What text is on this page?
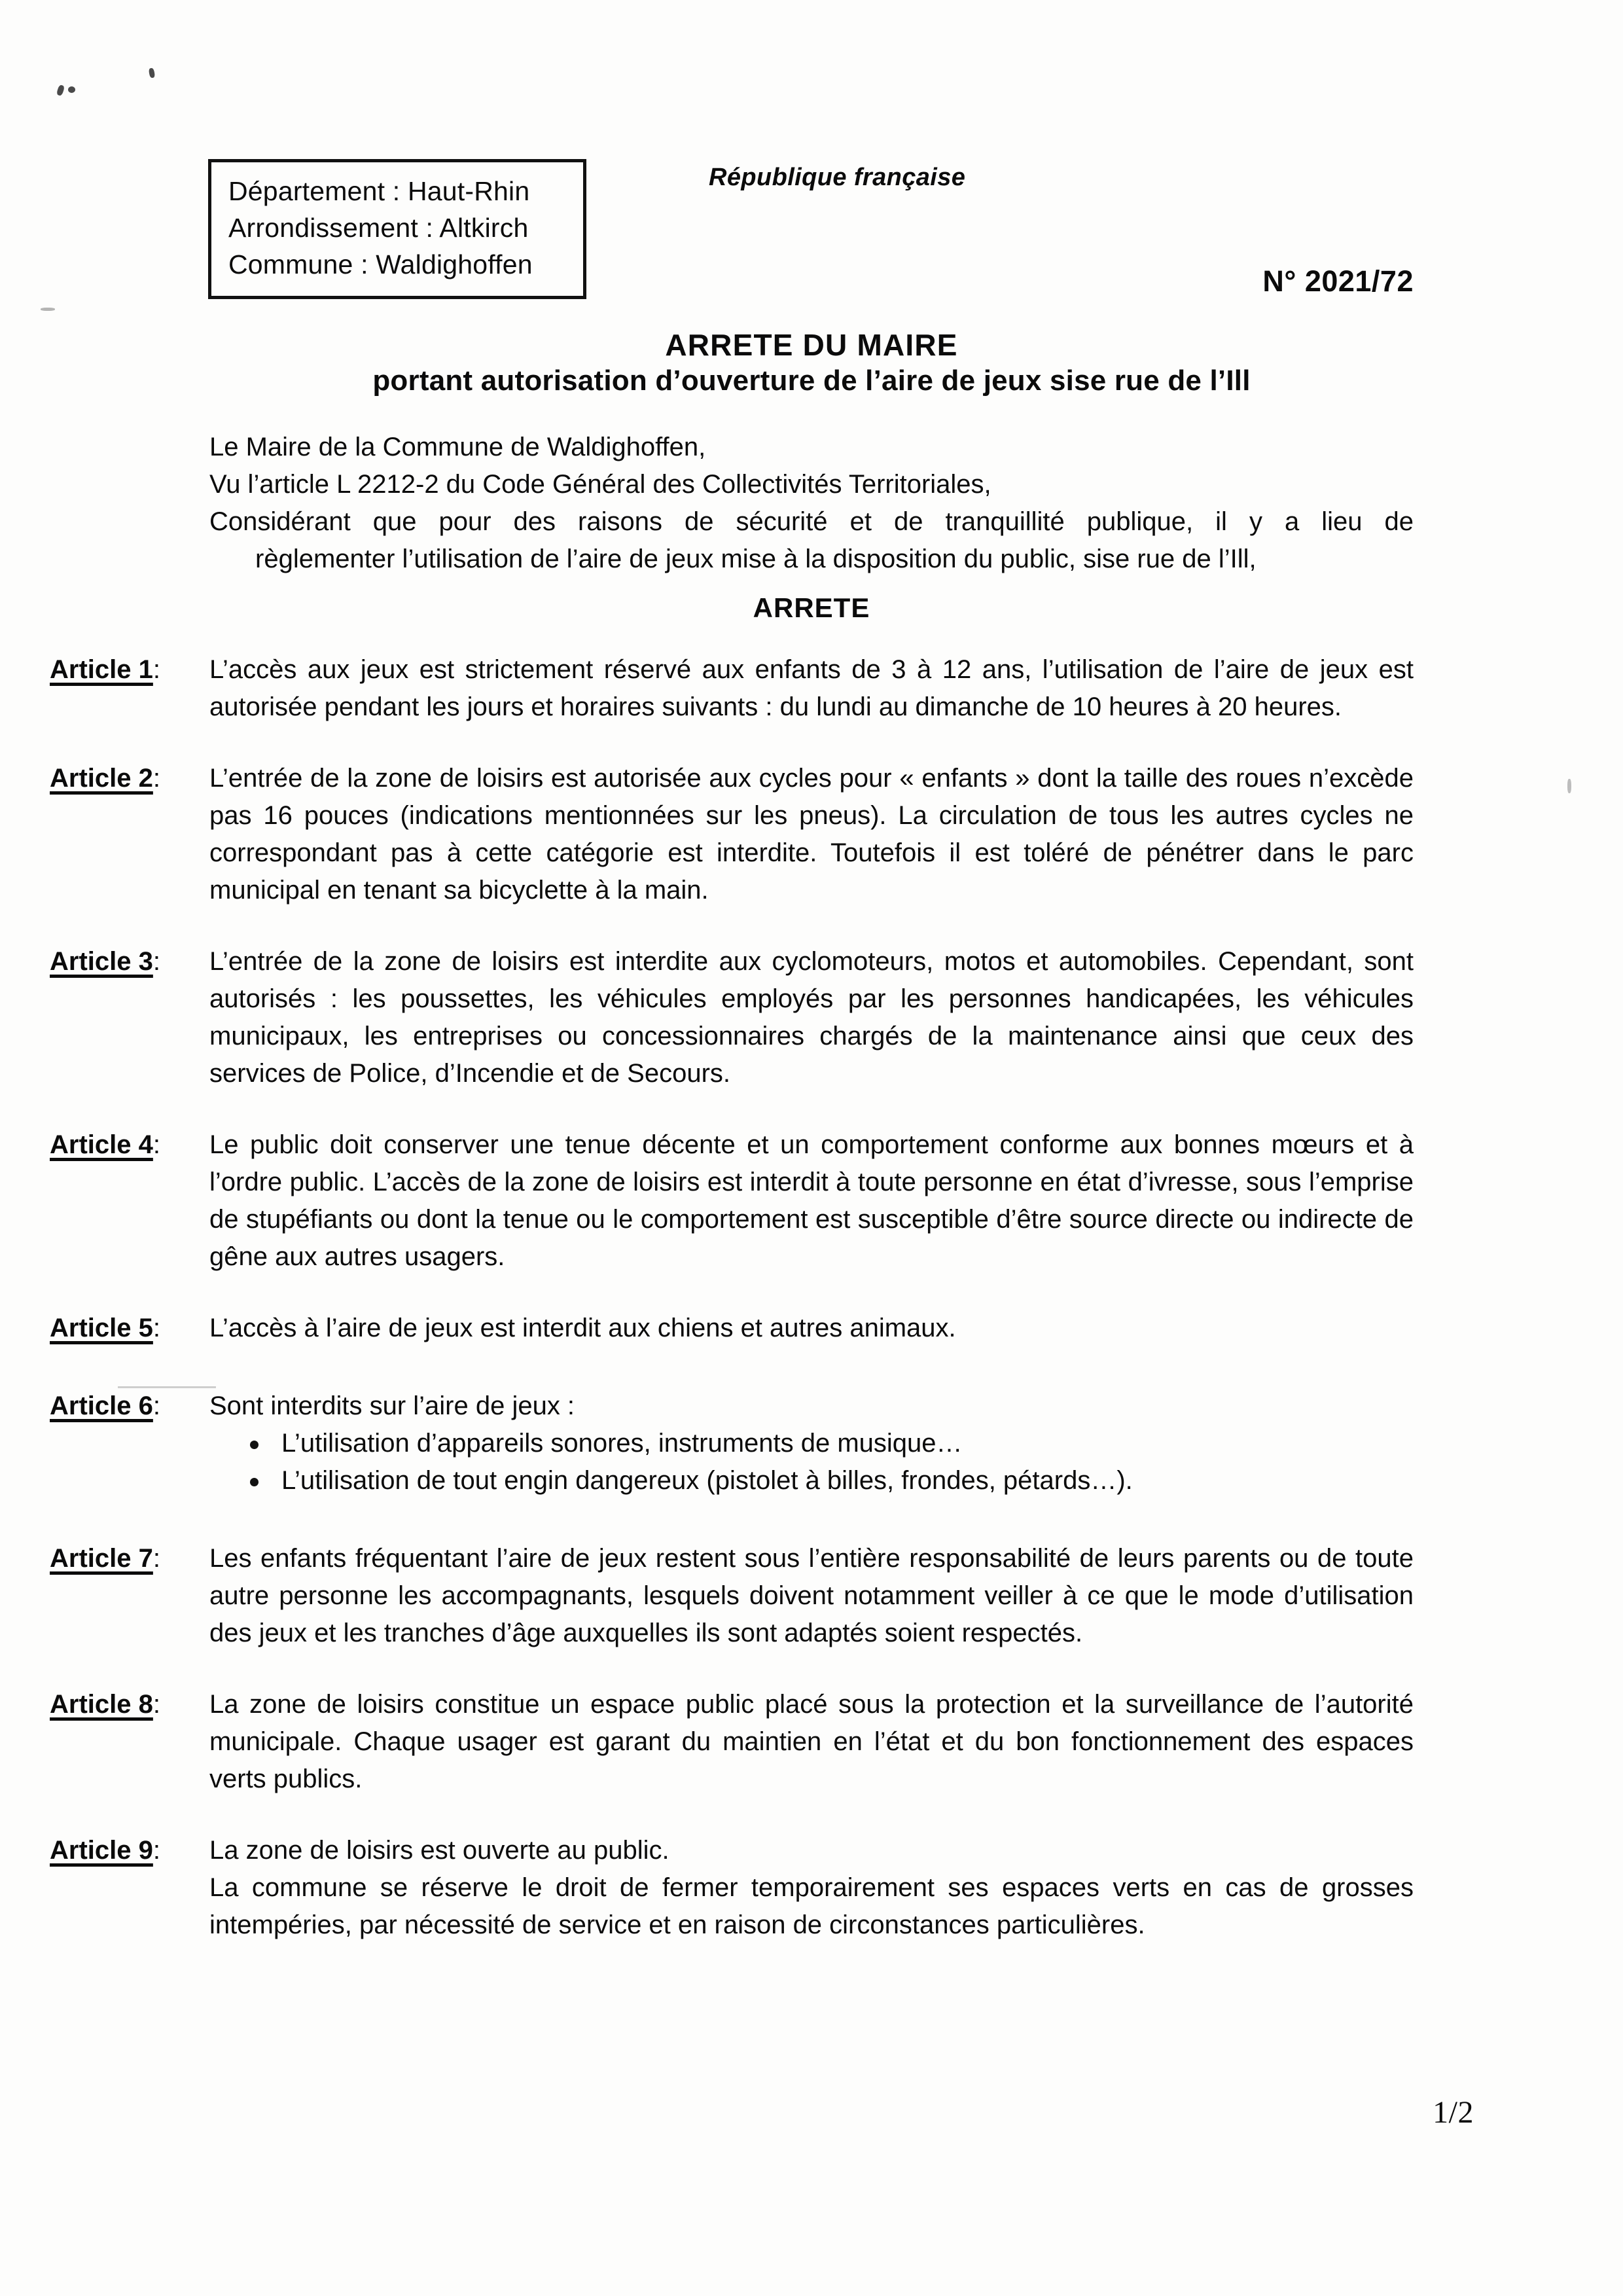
Département : Haut-Rhin
Arrondissement : Altkirch
Commune : Waldighoffen
République française
N° 2021/72
ARRETE DU MAIRE
portant autorisation d’ouverture de l’aire de jeux sise rue de l’Ill
Le Maire de la Commune de Waldighoffen,
Vu l’article L 2212-2 du Code Général des Collectivités Territoriales,
Considérant que pour des raisons de sécurité et de tranquillité publique, il y a lieu de
règlementer l’utilisation de l’aire de jeux mise à la disposition du public, sise rue de l’Ill,
ARRETE
Article 1: L’accès aux jeux est strictement réservé aux enfants de 3 à 12 ans, l’utilisation de l’aire de jeux est autorisée pendant les jours et horaires suivants : du lundi au dimanche de 10 heures à 20 heures.

Article 2: L’entrée de la zone de loisirs est autorisée aux cycles pour « enfants » dont la taille des roues n’excède pas 16 pouces (indications mentionnées sur les pneus). La circulation de tous les autres cycles ne correspondant pas à cette catégorie est interdite. Toutefois il est toléré de pénétrer dans le parc municipal en tenant sa bicyclette à la main.

Article 3: L’entrée de la zone de loisirs est interdite aux cyclomoteurs, motos et automobiles. Cependant, sont autorisés : les poussettes, les véhicules employés par les personnes handicapées, les véhicules municipaux, les entreprises ou concessionnaires chargés de la maintenance ainsi que ceux des services de Police, d’Incendie et de Secours.

Article 4: Le public doit conserver une tenue décente et un comportement conforme aux bonnes mœurs et à l’ordre public. L’accès de la zone de loisirs est interdit à toute personne en état d’ivresse, sous l’emprise de stupéfiants ou dont la tenue ou le comportement est susceptible d’être source directe ou indirecte de gêne aux autres usagers.

Article 5: L’accès à l’aire de jeux est interdit aux chiens et autres animaux.

Article 6: Sont interdits sur l’aire de jeux :

L’utilisation d’appareils sonores, instruments de musique…
L’utilisation de tout engin dangereux (pistolet à billes, frondes, pétards…).
Article 7: Les enfants fréquentant l’aire de jeux restent sous l’entière responsabilité de leurs parents ou de toute autre personne les accompagnants, lesquels doivent notamment veiller à ce que le mode d’utilisation des jeux et les tranches d’âge auxquelles ils sont adaptés soient respectés.

Article 8: La zone de loisirs constitue un espace public placé sous la protection et la surveillance de l’autorité municipale. Chaque usager est garant du maintien en l’état et du bon fonctionnement des espaces verts publics.

Article 9: La zone de loisirs est ouverte au public.

La commune se réserve le droit de fermer temporairement ses espaces verts en cas de grosses intempéries, par nécessité de service et en raison de circonstances particulières.

1/2
